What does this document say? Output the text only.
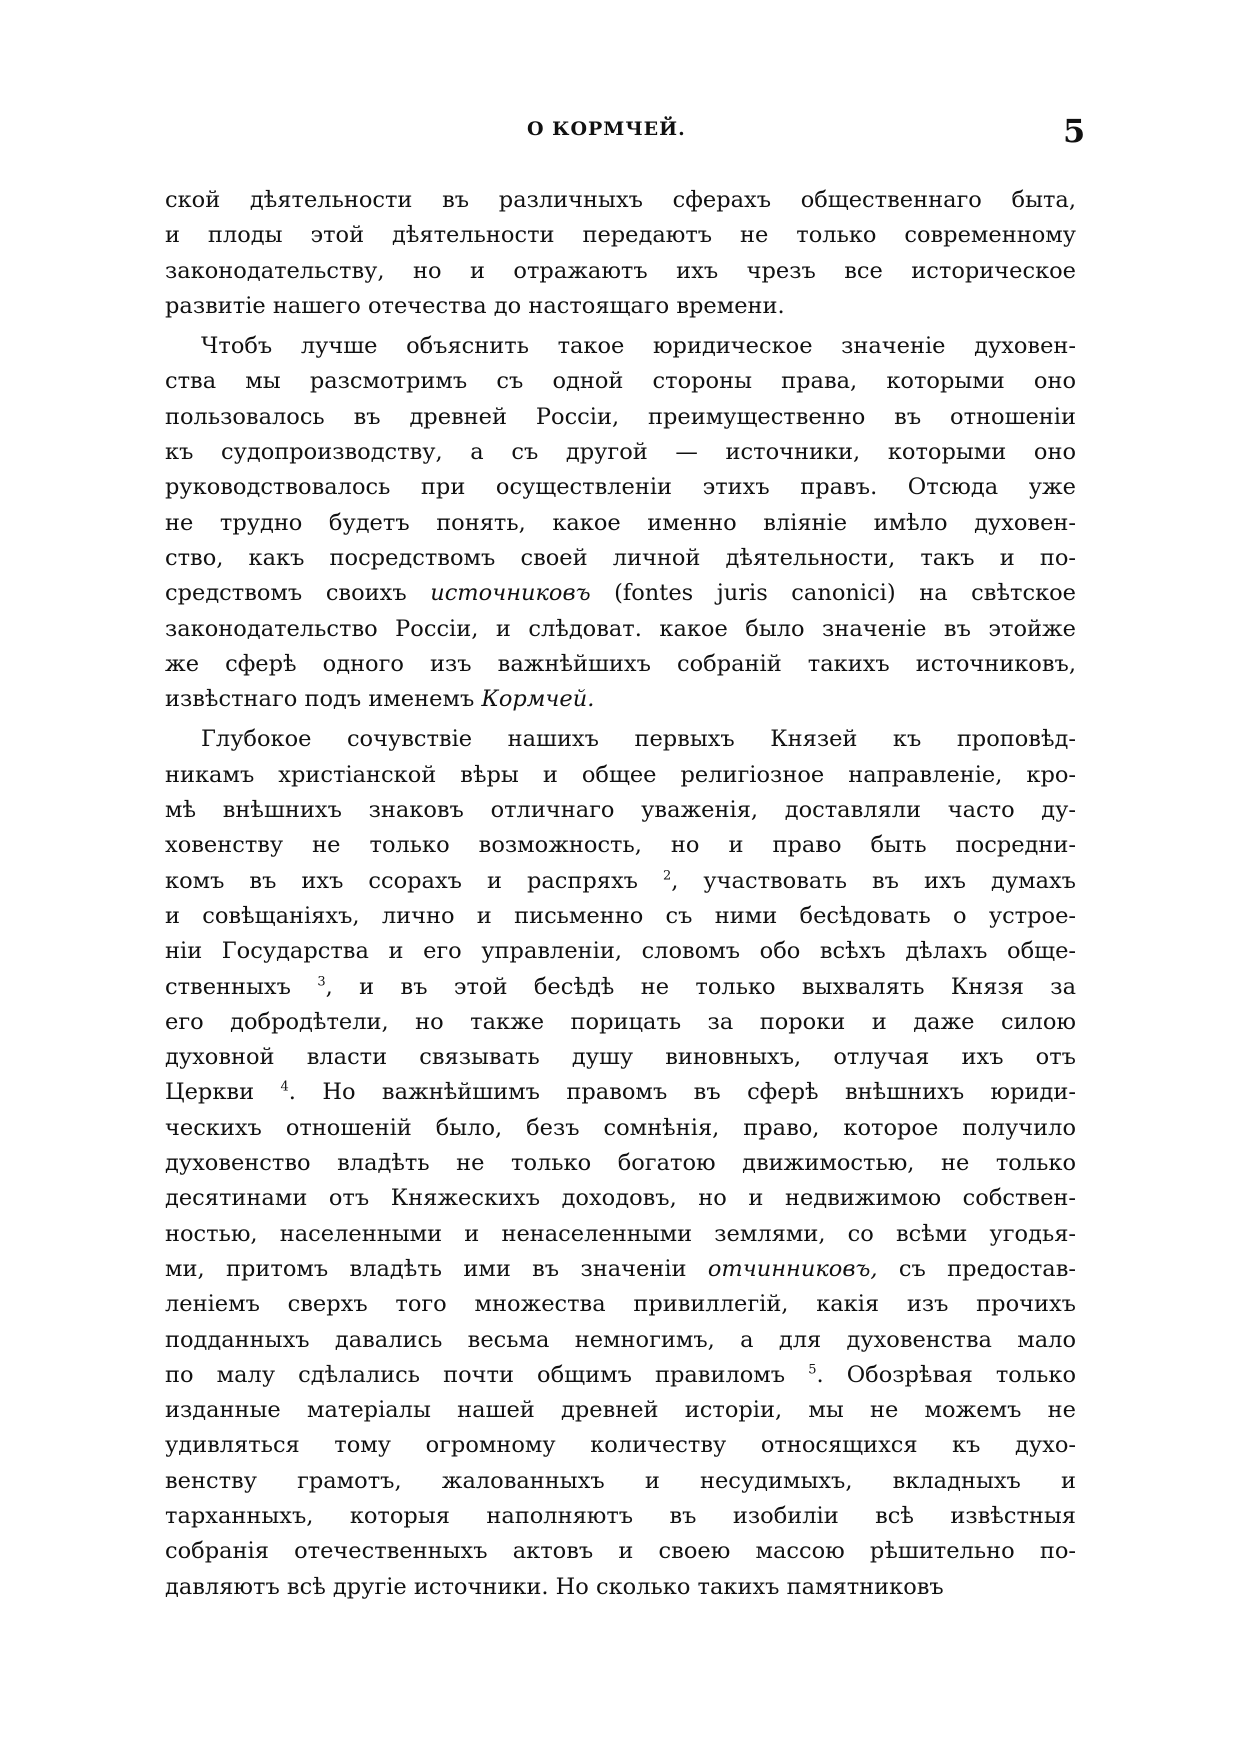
О КОРМЧЕЙ.	5
ской дѣятельности въ различныхъ сферахъ общественнаго быта,
и плоды этой дѣятельности передаютъ не только современному
законодательству, но и отражаютъ ихъ чрезъ все историческое
развитіе нашего отечества до настоящаго времени.
Чтобъ лучше объяснить такое юридическое значеніе духовен-
ства мы разсмотримъ съ одной стороны права, которыми оно
пользовалось въ древней Россіи, преимущественно въ отношеніи
къ судопроизводству, а съ другой — источники, которыми оно
руководствовалось при осуществленіи этихъ правъ. Отсюда уже
не трудно будетъ понять, какое именно вліяніе имѣло духовен-
ство, какъ посредствомъ своей личной дѣятельности, такъ и по-
средствомъ своихъ источниковъ (fontes juris canonici) на свѣтское
законодательство Россіи, и слѣдоват. какое было значеніе въ этойже
же сферѣ одного изъ важнѣйшихъ собраній такихъ источниковъ,
извѣстнаго подъ именемъ Кормчей.
Глубокое сочувствіе нашихъ первыхъ Князей къ проповѣд-
никамъ христіанской вѣры и общее религіозное направленіе, кро-
мѣ внѣшнихъ знаковъ отличнаго уваженія, доставляли часто ду-
ховенству не только возможность, но и право быть посредни-
комъ въ ихъ ссорахъ и распряхъ $^2$, участвовать въ ихъ думахъ
и совѣщаніяхъ, лично и письменно съ ними бесѣдовать о устрое-
ніи Государства и его управленіи, словомъ обо всѣхъ дѣлахъ обще-
ственныхъ $^3$, и въ этой бесѣдѣ не только выхвалять Князя за
его добродѣтели, но также порицать за пороки и даже силою
духовной власти связывать душу виновныхъ, отлучая ихъ отъ
Церкви $^4$. Но важнѣйшимъ правомъ въ сферѣ внѣшнихъ юриди-
ческихъ отношеній было, безъ сомнѣнія, право, которое получило
духовенство владѣть не только богатою движимостью, не только
десятинами отъ Княжескихъ доходовъ, но и недвижимою собствен-
ностью, населенными и ненаселенными землями, со всѣми угодья-
ми, притомъ владѣть ими въ значеніи отчинниковъ, съ предостав-
леніемъ сверхъ того множества привиллегій, какія изъ прочихъ
подданныхъ давались весьма немногимъ, а для духовенства мало
по малу сдѣлались почти общимъ правиломъ $^5$. Обозрѣвая только
изданные матеріалы нашей древней исторіи, мы не можемъ не
удивляться тому огромному количеству относящихся къ духо-
венству грамотъ, жалованныхъ и несудимыхъ, вкладныхъ и
тарханныхъ, которыя наполняютъ въ изобиліи всѣ извѣстныя
собранія отечественныхъ актовъ и своею массою рѣшительно по-
давляютъ всѣ другіе источники. Но сколько такихъ памятниковъ
